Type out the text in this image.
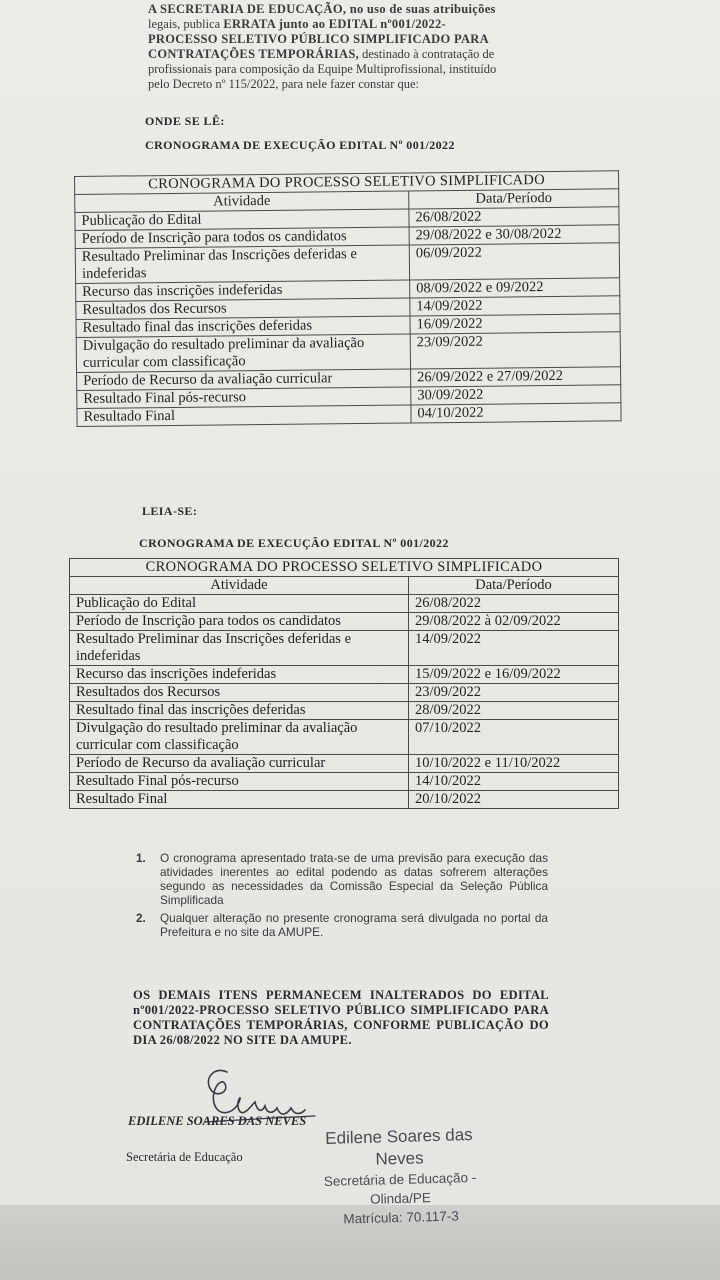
A SECRETARIA DE EDUCAÇÃO, no uso de suas atribuições
legais, publica ERRATA junto ao EDITAL nº001/2022-
PROCESSO SELETIVO PÚBLICO SIMPLIFICADO PARA
CONTRATAÇÕES TEMPORÁRIAS, destinado à contratação de
profissionais para composição da Equipe Multiprofissional, instituído
pelo Decreto nº 115/2022, para nele fazer constar que:
ONDE SE LÊ:
CRONOGRAMA DE EXECUÇÃO EDITAL Nº 001/2022
CRONOGRAMA DO PROCESSO SELETIVO SIMPLIFICADO	
Atividade	Data/Período
Publicação do Edital	26/08/2022
Período de Inscrição para todos os candidatos	29/08/2022 e 30/08/2022
Resultado Preliminar das Inscrições deferidas e indeferidas	06/09/2022
Recurso das inscrições indeferidas	08/09/2022 e 09/2022
Resultados dos Recursos	14/09/2022
Resultado final das inscrições deferidas	16/09/2022
Divulgação do resultado preliminar da avaliação curricular com classificação	23/09/2022
Período de Recurso da avaliação curricular	26/09/2022 e 27/09/2022
Resultado Final pós-recurso	30/09/2022
Resultado Final	04/10/2022
LEIA-SE:
CRONOGRAMA DE EXECUÇÃO EDITAL Nº 001/2022
CRONOGRAMA DO PROCESSO SELETIVO SIMPLIFICADO	
Atividade	Data/Período
Publicação do Edital	26/08/2022
Período de Inscrição para todos os candidatos	29/08/2022 à 02/09/2022
Resultado Preliminar das Inscrições deferidas e indeferidas	14/09/2022
Recurso das inscrições indeferidas	15/09/2022 e 16/09/2022
Resultados dos Recursos	23/09/2022
Resultado final das inscrições deferidas	28/09/2022
Divulgação do resultado preliminar da avaliação curricular com classificação	07/10/2022
Período de Recurso da avaliação curricular	10/10/2022 e 11/10/2022
Resultado Final pós-recurso	14/10/2022
Resultado Final	20/10/2022
1.	O cronograma apresentado trata-se de uma previsão para execução das atividades inerentes ao edital podendo as datas sofrerem alterações segundo as necessidades da Comissão Especial da Seleção Pública Simplificada
2.	Qualquer alteração no presente cronograma será divulgada no portal da Prefeitura e no site da AMUPE.
OS DEMAIS ITENS PERMANECEM INALTERADOS DO EDITAL nº001/2022-PROCESSO SELETIVO PÚBLICO SIMPLIFICADO PARA CONTRATAÇÕES TEMPORÁRIAS, CONFORME PUBLICAÇÃO DO DIA 26/08/2022 NO SITE DA AMUPE.
EDILENE SOARES DAS NEVES
Secretária de Educação
Edilene Soares das Neves
Secretária de Educação - Olinda/PE
Matrícula: 70.117-3
